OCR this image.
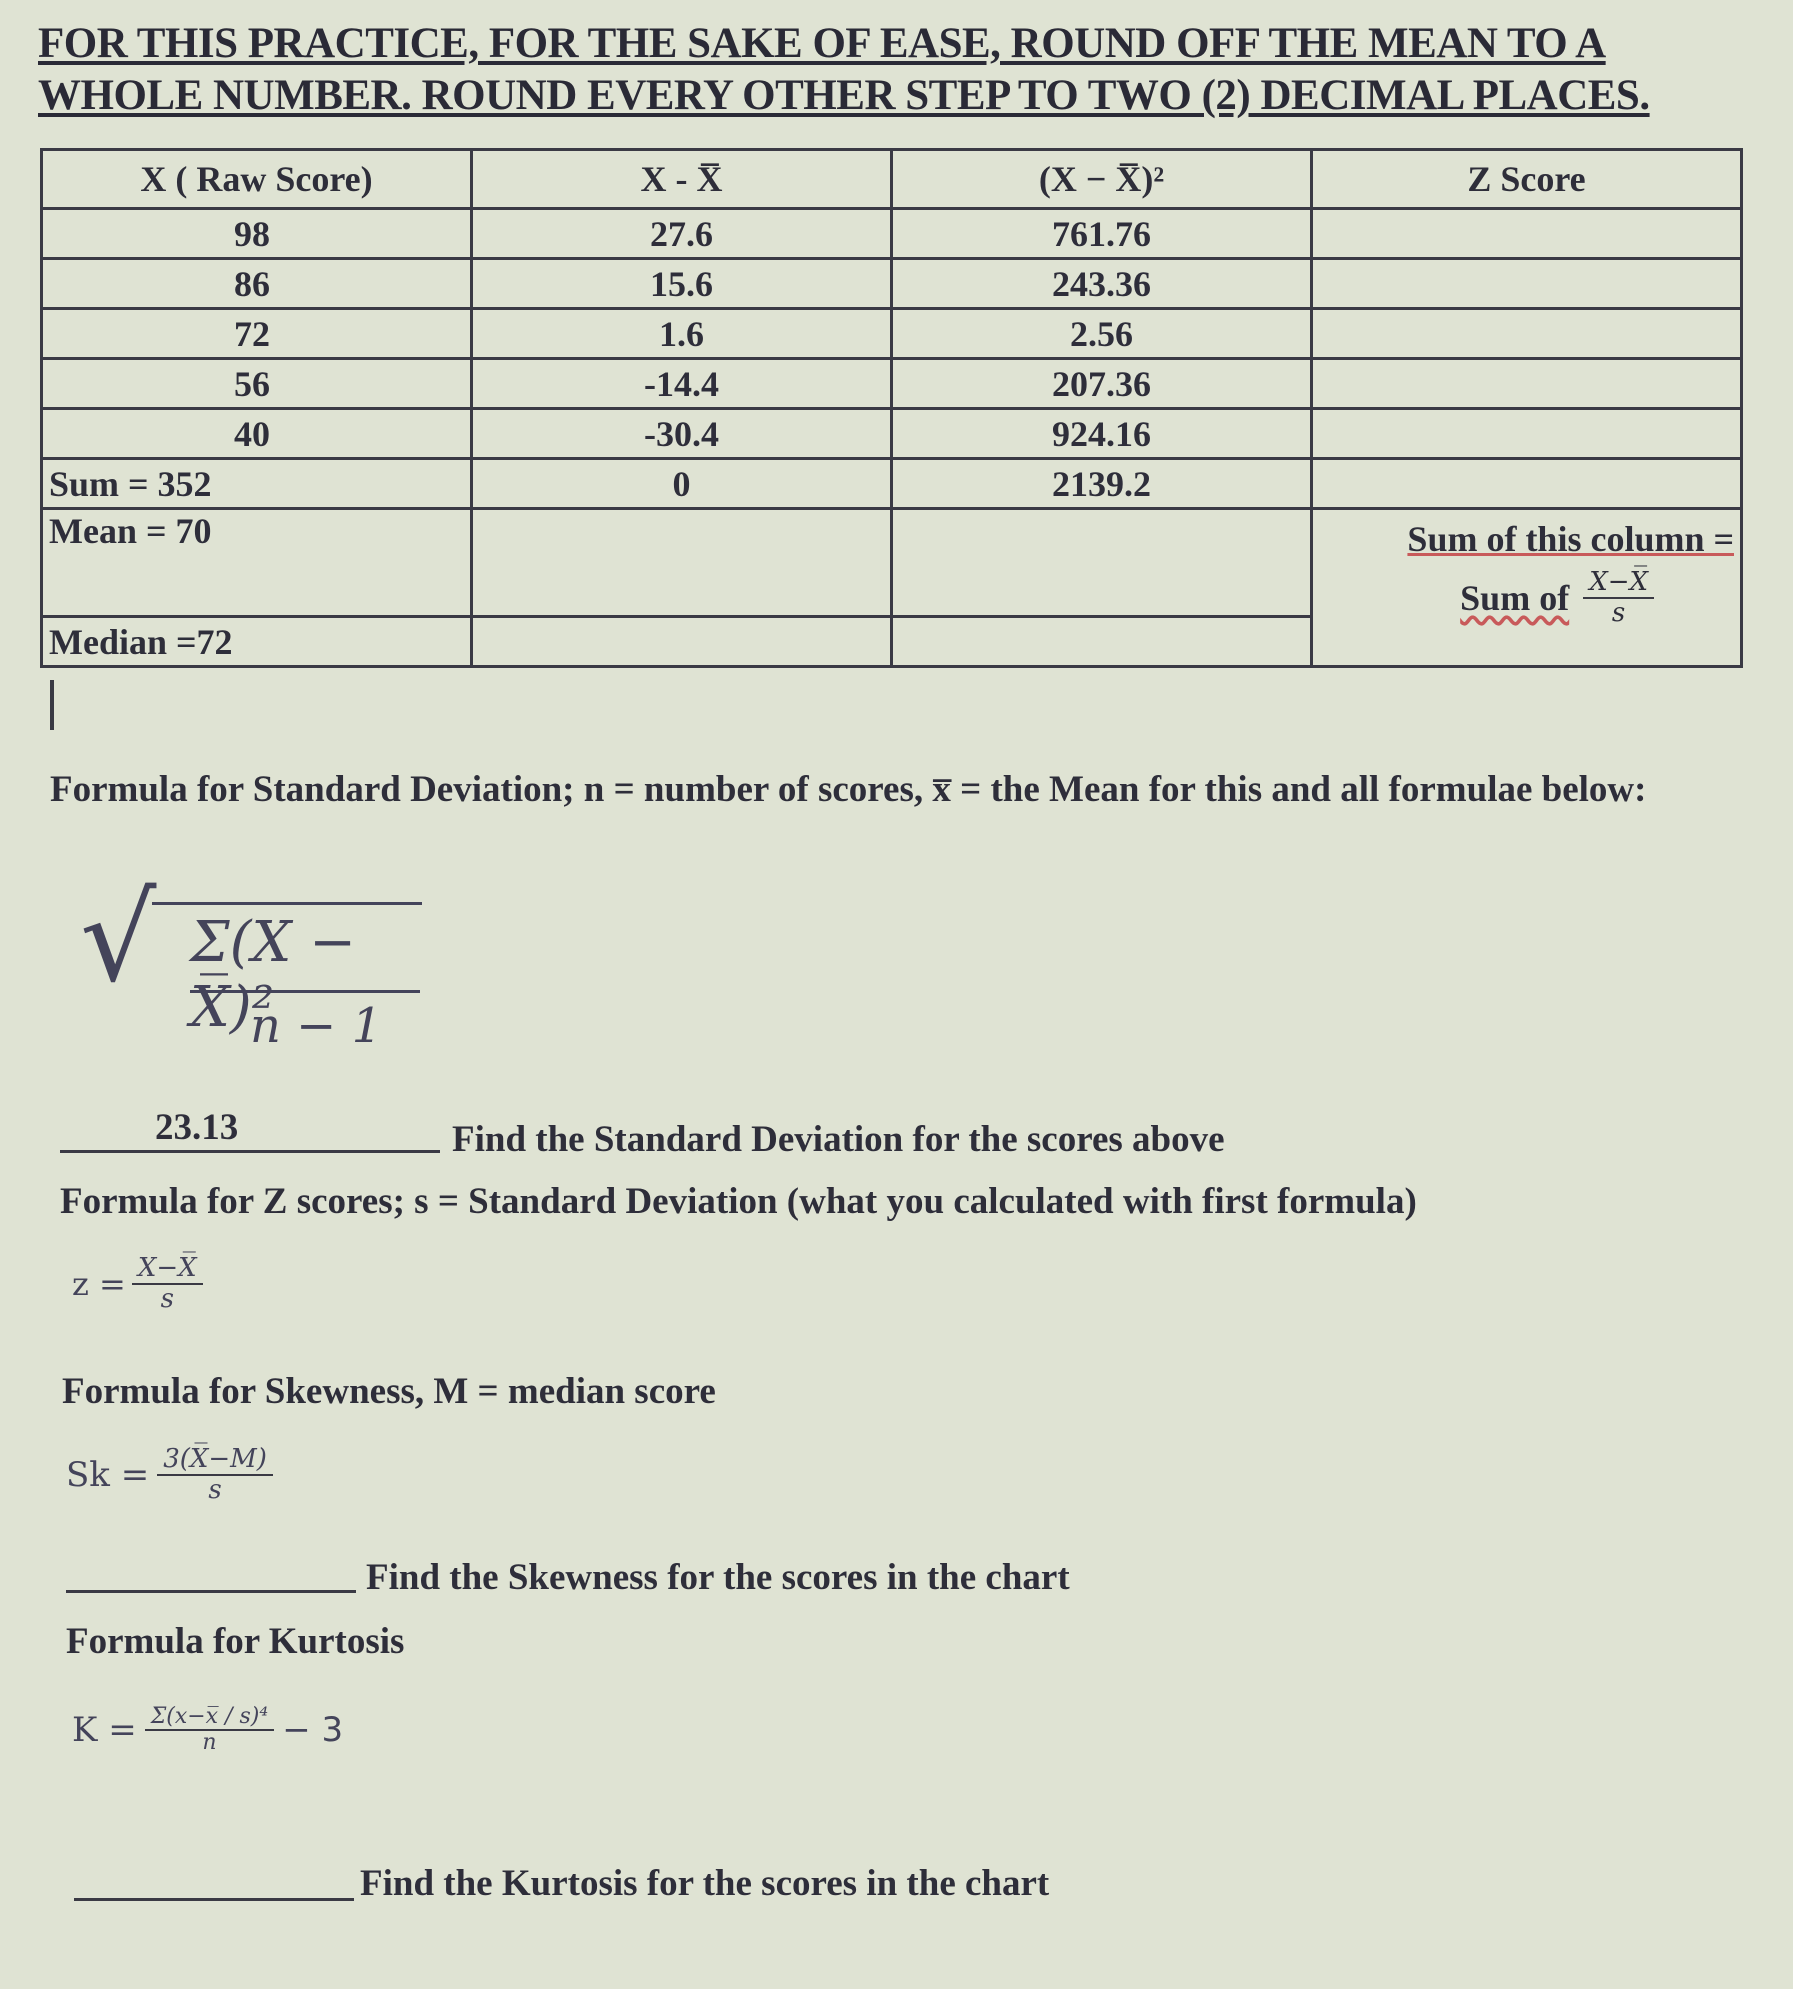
FOR THIS PRACTICE, FOR THE SAKE OF EASE, ROUND OFF THE MEAN TO A WHOLE NUMBER. ROUND EVERY OTHER STEP TO TWO (2) DECIMAL PLACES.
X ( Raw Score)	X - X̅	(X − X̅)²	Z Score
98	27.6	761.76	
86	15.6	243.36	
72	1.6	2.56	
56	-14.4	207.36	
40	-30.4	924.16	
Sum = 352	0	2139.2	
Mean = 70			Sum of this column =
Sum of $\frac{X-X̅}{s}$

Median =72			
Formula for Standard Deviation; n = number of scores, x̅ = the Mean for this and all formulae below:
√ Σ(X − X̅)²
n − 1
23.13	Find the Standard Deviation for the scores above
Formula for Z scores; s = Standard Deviation (what you calculated with first formula)
$z = \frac{X-X̅}{s}$
Formula for Skewness, M = median score
$Sk = \frac{3(X̅-M)}{s}$
Find the Skewness for the scores in the chart
Formula for Kurtosis
$K = \frac{\text{Σ(x−x̅ / s)⁴}}{n} - 3$
Find the Kurtosis for the scores in the chart
